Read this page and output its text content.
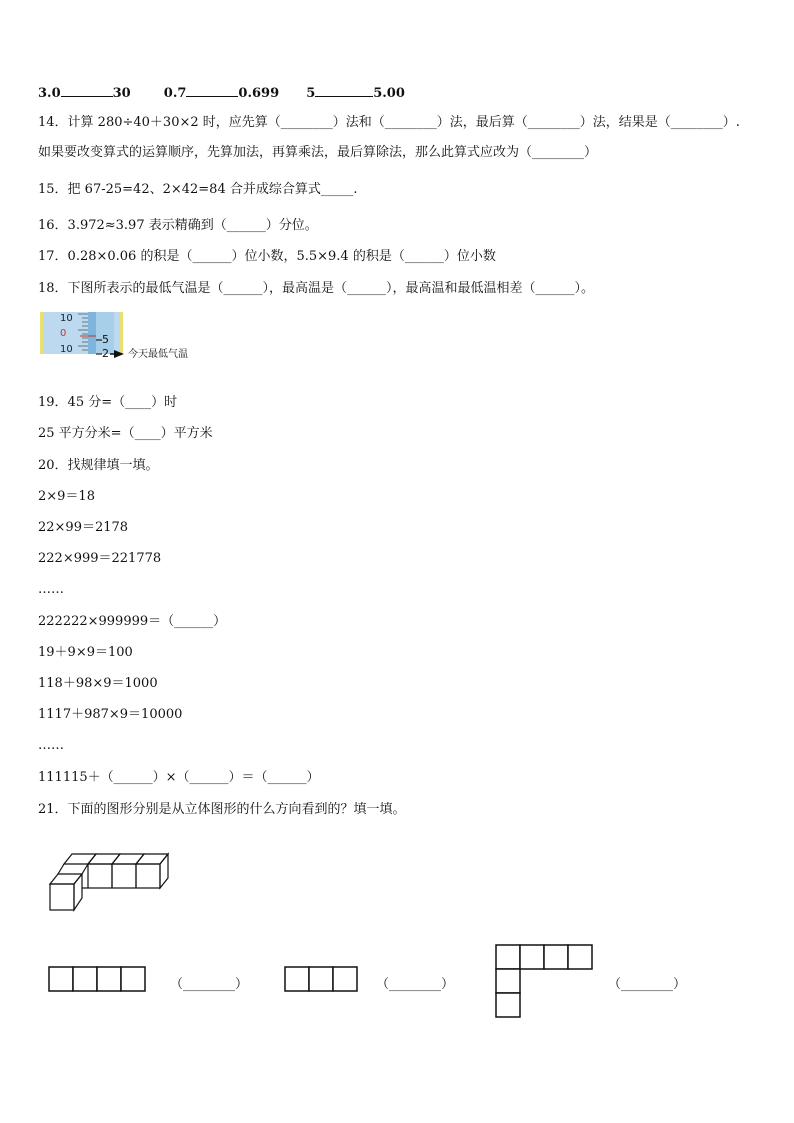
3.0	30	0.7	0.699 5	5.00
14．计算 280÷40＋30×2 时，应先算（________）法和（________）法，最后算（________）法，结果是（________）.
如果要改变算式的运算顺序，先算加法，再算乘法，最后算除法，那么此算式应改为（________）
15．把 67-25=42、2×42=84 合并成综合算式_____.
16．3.972≈3.97 表示精确到（______）分位。
17．0.28×0.06 的积是（______）位小数，5.5×9.4 的积是（______）位小数
18．下图所表示的最低气温是（______），最高温是（______），最高温和最低温相差（______）。
10
0
10
5
2 今天最低气温
19．45 分=（____）时
25 平方分米=（____）平方米
20．找规律填一填。
2×9＝18
22×99＝2178
222×999＝221778
……
222222×999999＝（______）
19＋9×9＝100
118＋98×9＝1000
1117＋987×9＝10000
……
111115＋（______）×（______）＝（______）
21．下面的图形分别是从立体图形的什么方向看到的？填一填。
（________）	（________）	（________）
